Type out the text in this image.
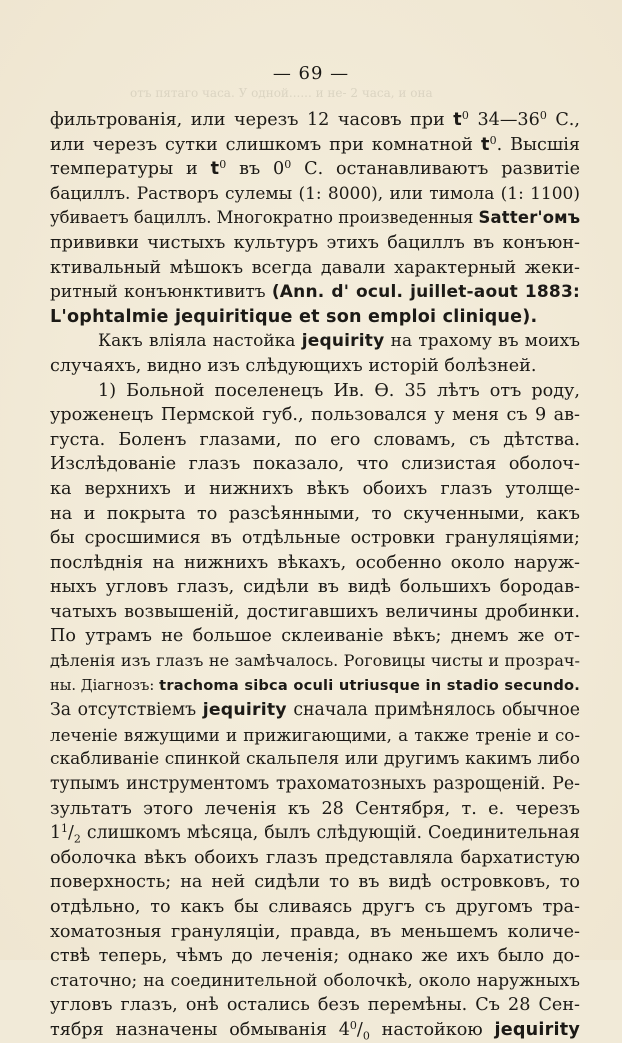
отъ пятаго часа. У одной...... и не- 2 часа, и она
— 69 —
фильтрованія, или черезъ 12 часовъ при $t^0$ $34—36^0$ С.,
или черезъ сутки слишкомъ при комнатной $t^0$. Высшія
температуры и $t^0$ въ $0^0$ С. останавливаютъ развитіе
бациллъ. Растворъ сулемы (1: 8000), или тимола (1: 1100)
убиваетъ бациллъ. Многократно произведенныя Satter'омъ
прививки чистыхъ культуръ этихъ бациллъ въ конъюн-
ктивальный мѣшокъ всегда давали характерный жеки-
ритный конъюнктивитъ (Ann. d' ocul. juillet-aout 1883:
L'ophtalmie jequiritique et son emploi clinique).
Какъ вліяла настойка jequirity на трахому въ моихъ
случаяхъ, видно изъ слѣдующихъ исторій болѣзней.
1) Больной поселенецъ Ив. Ѳ. 35 лѣтъ отъ роду,
уроженецъ Пермской губ., пользовался у меня съ 9 ав-
густа. Боленъ глазами, по его словамъ, съ дѣтства.
Изслѣдованіе глазъ показало, что слизистая оболоч-
ка верхнихъ и нижнихъ вѣкъ обоихъ глазъ утолще-
на и покрыта то разсѣянными, то скученными, какъ
бы сросшимися въ отдѣльные островки грануляціями;
послѣднія на нижнихъ вѣкахъ, особенно около наруж-
ныхъ угловъ глазъ, сидѣли въ видѣ большихъ бородав-
чатыхъ возвышеній, достигавшихъ величины дробинки.
По утрамъ не большое склеиваніе вѣкъ; днемъ же от-
дѣленія изъ глазъ не замѣчалось. Роговицы чисты и прозрач-
ны. Діагнозъ: trachoma sibca oculi utriusque in stadio secundo.
За отсутствіемъ jequirity сначала примѣнялось обычное
леченіе вяжущими и прижигающими, а также треніе и со-
скабливаніе спинкой скальпеля или другимъ какимъ либо
тупымъ инструментомъ трахоматозныхъ разрощеній. Ре-
зультатъ этого леченія къ 28 Сентября, т. е. черезъ
$1^1/_2$ слишкомъ мѣсяца, былъ слѣдующій. Соединительная
оболочка вѣкъ обоихъ глазъ представляла бархатистую
поверхность; на ней сидѣли то въ видѣ островковъ, то
отдѣльно, то какъ бы сливаясь другъ съ другомъ тра-
хоматозныя грануляціи, правда, въ меньшемъ количе-
ствѣ теперь, чѣмъ до леченія; однако же ихъ было до-
статочно; на соединительной оболочкѣ, около наружныхъ
угловъ глазъ, онѣ остались безъ перемѣны. Съ 28 Сен-
тября назначены обмыванія $4^0/_0$ настойкою jequirity
